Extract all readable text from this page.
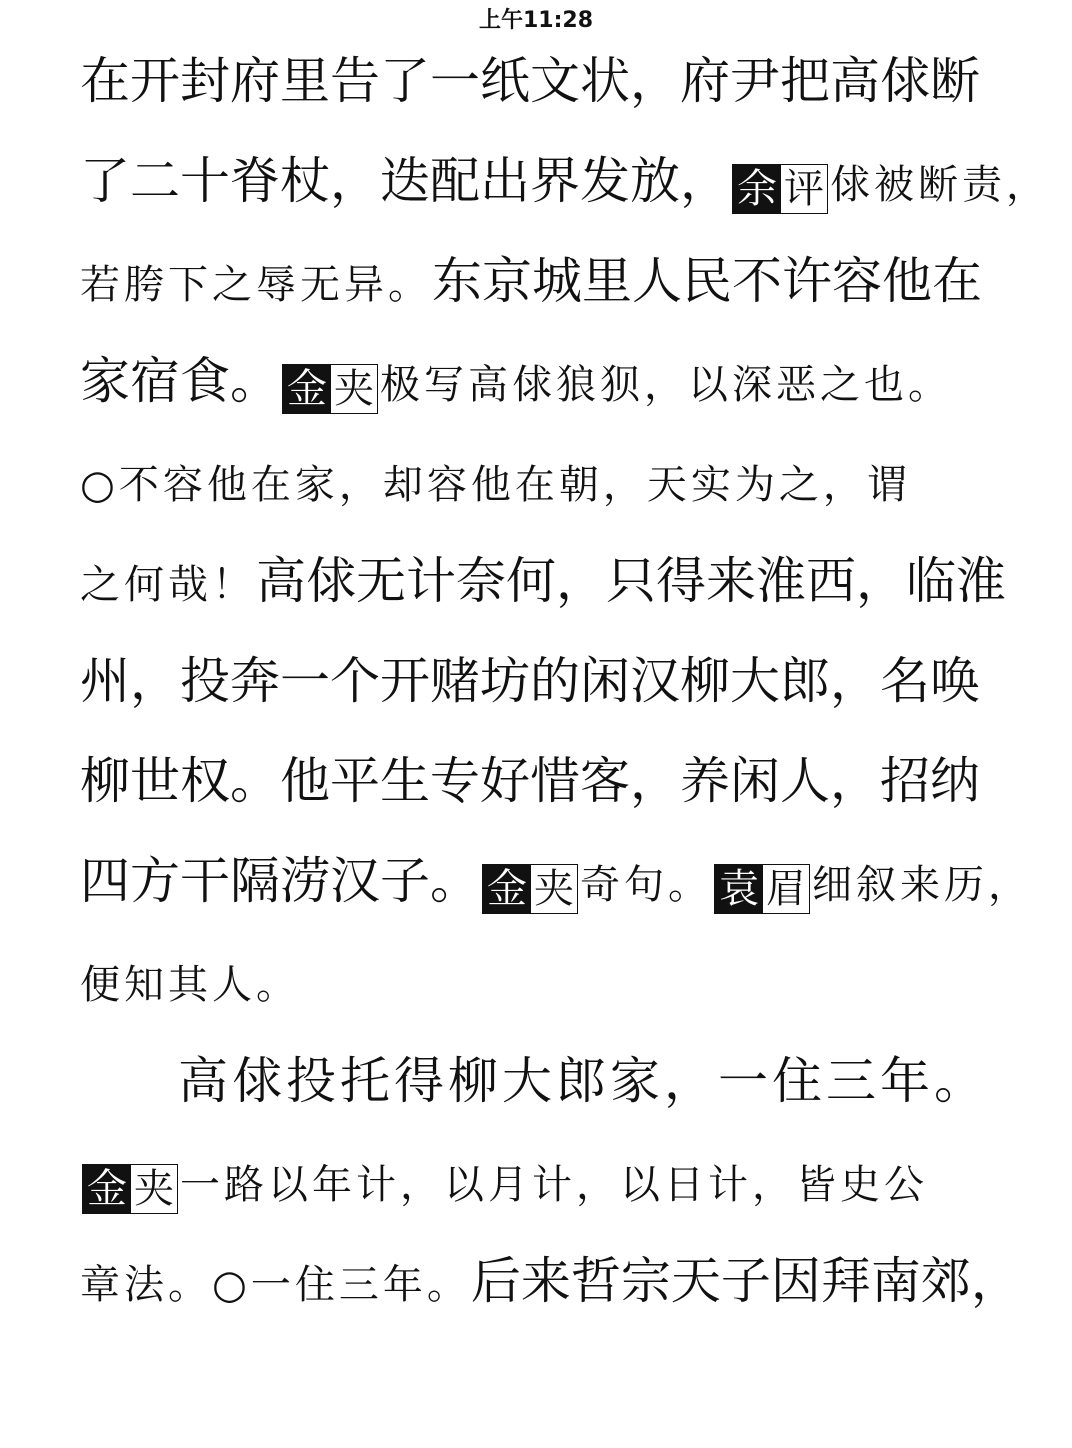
上午11:28
在开封府里告了一纸文状，府尹把高俅断
了二十脊杖，迭配出界发放， 余 评 俅被断责，
若胯下之辱无异。东京城里人民不许容他在
家宿食。 金 夹 极写高俅狼狈，以深恶之也。
○不容他在家，却容他在朝，天实为之，谓
之何哉！高俅无计奈何，只得来淮西，临淮
州，投奔一个开赌坊的闲汉柳大郎，名唤
柳世权。他平生专好惜客，养闲人，招纳
四方干隔涝汉子。 金 夹 奇句。 袁 眉 细叙来历，
便知其人。
高俅投托得柳大郎家，一住三年。
金 夹 一路以年计，以月计，以日计，皆史公
章法。○一住三年。后来哲宗天子因拜南郊，
